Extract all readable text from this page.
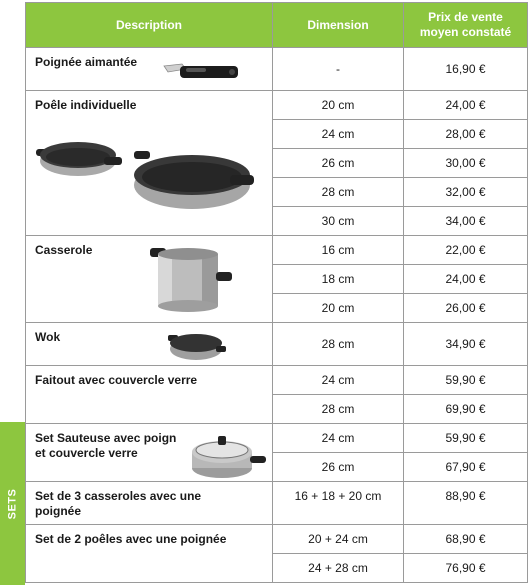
SETS
Description	Dimension	Prix de vente
moyen constaté

Poignée aimantée	-	16,90 €

Poêle individuelle	20 cm	24,00 €
	24 cm	28,00 €
	26 cm	30,00 €
	28 cm	32,00 €
	30 cm	34,00 €

Casserole	16 cm	22,00 €
	18 cm	24,00 €
	20 cm	26,00 €

Wok	28 cm	34,90 €

Faitout avec couvercle verre	24 cm	59,90 €
	28 cm	69,90 €

Set Sauteuse avec poign
et couvercle verre	24 cm	59,90 €
	26 cm	67,90 €

Set de 3 casseroles avec une
poignée	16 + 18 + 20 cm	88,90 €

Set de 2 poêles avec une poignée	20 + 24 cm	68,90 €
	24 + 28 cm	76,90 €
